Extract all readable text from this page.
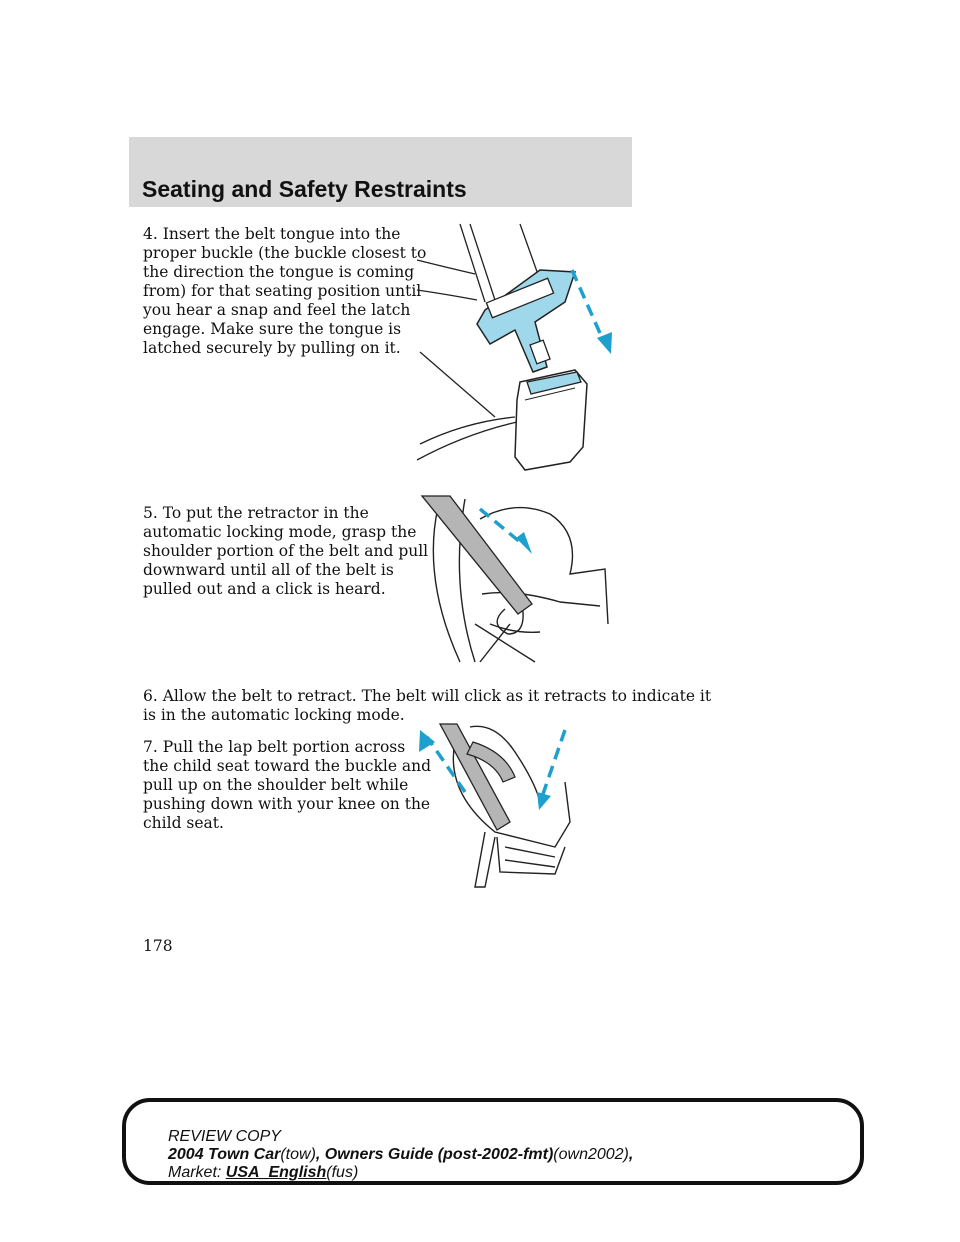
Seating and Safety Restraints

4. Insert the belt tongue into the
proper buckle (the buckle closest to
the direction the tongue is coming
from) for that seating position until
you hear a snap and feel the latch
engage. Make sure the tongue is
latched securely by pulling on it.

5. To put the retractor in the
automatic locking mode, grasp the
shoulder portion of the belt and pull
downward until all of the belt is
pulled out and a click is heard.

6. Allow the belt to retract. The belt will click as it retracts to indicate it
is in the automatic locking mode.

7. Pull the lap belt portion across
the child seat toward the buckle and
pull up on the shoulder belt while
pushing down with your knee on the
child seat.

178
REVIEW COPY
2004 Town Car(tow), Owners Guide (post-2002-fmt)(own2002),
Market: USA_English(fus)
